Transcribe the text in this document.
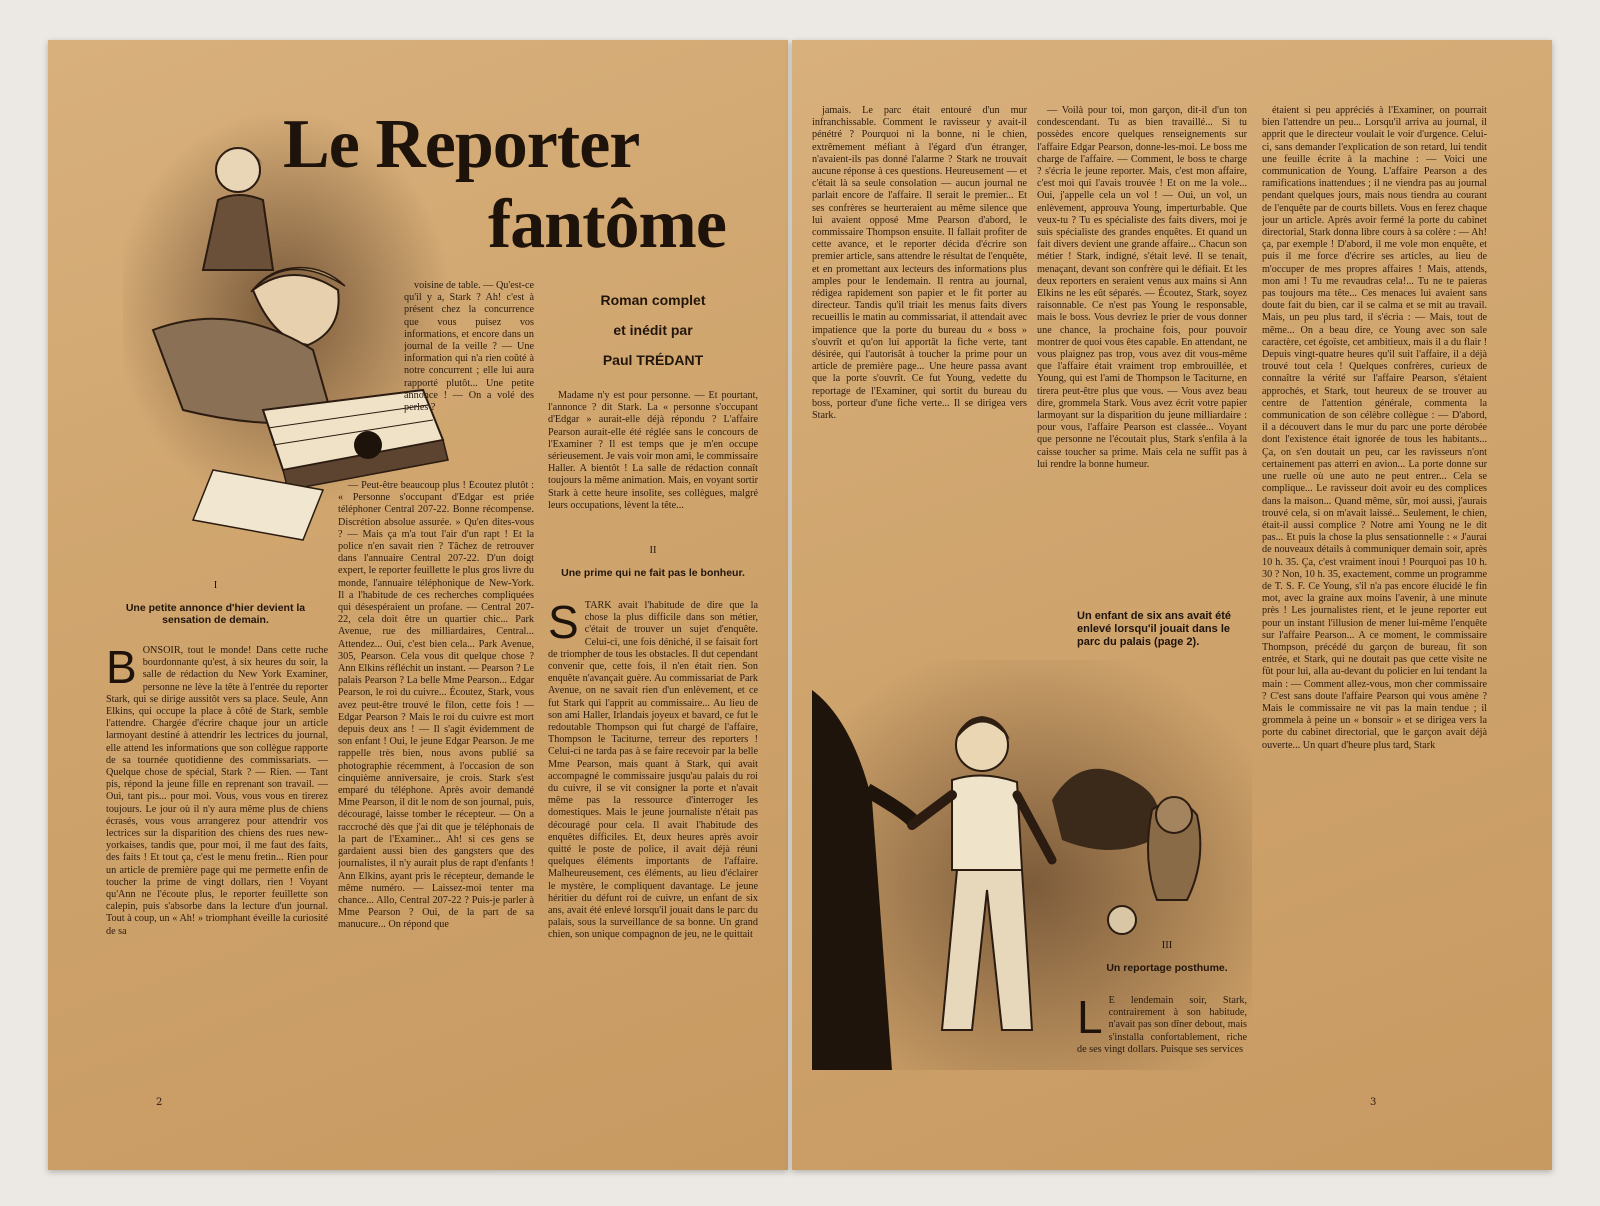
Le Reporter
fantôme
Roman complet
et inédit par
Paul TRÉDANT

voisine de table. — Qu'est-ce qu'il y a, Stark ? Ah! c'est à présent chez la concurrence que vous puisez vos informations, et encore dans un journal de la veille ? — Une information qui n'a rien coûté à notre concurrent ; elle lui aura rapporté plutôt... Une petite annonce ! — On a volé des perles ?

I
Une petite annonce d'hier devient la sensation de demain.
B ONSOIR, tout le monde! Dans cette ruche bourdonnante qu'est, à six heures du soir, la salle de rédaction du New York Examiner, personne ne lève la tête à l'entrée du reporter Stark, qui se dirige aussitôt vers sa place. Seule, Ann Elkins, qui occupe la place à côté de Stark, semble l'attendre. Chargée d'écrire chaque jour un article larmoyant destiné à attendrir les lectrices du journal, elle attend les informations que son collègue rapporte de sa tournée quotidienne des commissariats. — Quelque chose de spécial, Stark ? — Rien. — Tant pis, répond la jeune fille en reprenant son travail. — Oui, tant pis... pour moi. Vous, vous vous en tirerez toujours. Le jour où il n'y aura même plus de chiens écrasés, vous vous arrangerez pour attendrir vos lectrices sur la disparition des chiens des rues new-yorkaises, tandis que, pour moi, il me faut des faits, des faits ! Et tout ça, c'est le menu fretin... Rien pour un article de première page qui me permette enfin de toucher la prime de vingt dollars, rien ! Voyant qu'Ann ne l'écoute plus, le reporter feuillette son calepin, puis s'absorbe dans la lecture d'un journal. Tout à coup, un « Ah! » triomphant éveille la curiosité de sa

— Peut-être beaucoup plus ! Écoutez plutôt : « Personne s'occupant d'Edgar est priée téléphoner Central 207-22. Bonne récompense. Discrétion absolue assurée. » Qu'en dites-vous ? — Mais ça m'a tout l'air d'un rapt ! Et la police n'en savait rien ? Tâchez de retrouver dans l'annuaire Central 207-22. D'un doigt expert, le reporter feuillette le plus gros livre du monde, l'annuaire téléphonique de New-York. Il a l'habitude de ces recherches compliquées qui désespéraient un profane. — Central 207-22, cela doit être un quartier chic... Park Avenue, rue des milliardaires, Central... Attendez... Oui, c'est bien cela... Park Avenue, 305, Pearson. Cela vous dit quelque chose ? Ann Elkins réfléchit un instant. — Pearson ? Le palais Pearson ? La belle Mme Pearson... Edgar Pearson, le roi du cuivre... Écoutez, Stark, vous avez peut-être trouvé le filon, cette fois ! — Edgar Pearson ? Mais le roi du cuivre est mort depuis deux ans ! — Il s'agit évidemment de son enfant ! Oui, le jeune Edgar Pearson. Je me rappelle très bien, nous avons publié sa photographie récemment, à l'occasion de son cinquième anniversaire, je crois. Stark s'est emparé du téléphone. Après avoir demandé Mme Pearson, il dit le nom de son journal, puis, découragé, laisse tomber le récepteur. — On a raccroché dès que j'ai dit que je téléphonais de la part de l'Examiner... Ah! si ces gens se gardaient aussi bien des gangsters que des journalistes, il n'y aurait plus de rapt d'enfants ! Ann Elkins, ayant pris le récepteur, demande le même numéro. — Laissez-moi tenter ma chance... Allo, Central 207-22 ? Puis-je parler à Mme Pearson ? Oui, de la part de sa manucure... On répond que

Madame n'y est pour personne. — Et pourtant, l'annonce ? dit Stark. La « personne s'occupant d'Edgar » aurait-elle déjà répondu ? L'affaire Pearson aurait-elle été réglée sans le concours de l'Examiner ? Il est temps que je m'en occupe sérieusement. Je vais voir mon ami, le commissaire Haller. A bientôt ! La salle de rédaction connaît toujours la même animation. Mais, en voyant sortir Stark à cette heure insolite, ses collègues, malgré leurs occupations, lèvent la tête...

II
Une prime qui ne fait pas le bonheur.
S TARK avait l'habitude de dire que la chose la plus difficile dans son métier, c'était de trouver un sujet d'enquête. Celui-ci, une fois déniché, il se faisait fort de triompher de tous les obstacles. Il dut cependant convenir que, cette fois, il n'en était rien. Son enquête n'avançait guère. Au commissariat de Park Avenue, on ne savait rien d'un enlèvement, et ce fut Stark qui l'apprit au commissaire... Au lieu de son ami Haller, Irlandais joyeux et bavard, ce fut le redoutable Thompson qui fut chargé de l'affaire, Thompson le Taciturne, terreur des reporters ! Celui-ci ne tarda pas à se faire recevoir par la belle Mme Pearson, mais quant à Stark, qui avait accompagné le commissaire jusqu'au palais du roi du cuivre, il se vit consigner la porte et n'avait même pas la ressource d'interroger les domestiques. Mais le jeune journaliste n'était pas découragé pour cela. Il avait l'habitude des enquêtes difficiles. Et, deux heures après avoir quitté le poste de police, il avait déjà réuni quelques éléments importants de l'affaire. Malheureusement, ces éléments, au lieu d'éclairer le mystère, le compliquent davantage. Le jeune héritier du défunt roi de cuivre, un enfant de six ans, avait été enlevé lorsqu'il jouait dans le parc du palais, sous la surveillance de sa bonne. Un grand chien, son unique compagnon de jeu, ne le quittait
2

jamais. Le parc était entouré d'un mur infranchissable. Comment le ravisseur y avait-il pénétré ? Pourquoi ni la bonne, ni le chien, extrêmement méfiant à l'égard d'un étranger, n'avaient-ils pas donné l'alarme ? Stark ne trouvait aucune réponse à ces questions. Heureusement — et c'était là sa seule consolation — aucun journal ne parlait encore de l'affaire. Il serait le premier... Et ses confrères se heurteraient au même silence que lui avaient opposé Mme Pearson d'abord, le commissaire Thompson ensuite. Il fallait profiter de cette avance, et le reporter décida d'écrire son premier article, sans attendre le résultat de l'enquête, et en promettant aux lecteurs des informations plus amples pour le lendemain. Il rentra au journal, rédigea rapidement son papier et le fit porter au directeur. Tandis qu'il triait les menus faits divers recueillis le matin au commissariat, il attendait avec impatience que la porte du bureau du « boss » s'ouvrît et qu'on lui apportât la fiche verte, tant désirée, qui l'autorisât à toucher la prime pour un article de première page... Une heure passa avant que la porte s'ouvrît. Ce fut Young, vedette du reportage de l'Examiner, qui sortit du bureau du boss, porteur d'une fiche verte... Il se dirigea vers Stark.

— Voilà pour toi, mon garçon, dit-il d'un ton condescendant. Tu as bien travaillé... Si tu possèdes encore quelques renseignements sur l'affaire Edgar Pearson, donne-les-moi. Le boss me charge de l'affaire. — Comment, le boss te charge ? s'écria le jeune reporter. Mais, c'est mon affaire, c'est moi qui l'avais trouvée ! Et on me la vole... Oui, j'appelle cela un vol ! — Oui, un vol, un enlèvement, approuva Young, imperturbable. Que veux-tu ? Tu es spécialiste des faits divers, moi je suis spécialiste des grandes enquêtes. Et quand un fait divers devient une grande affaire... Chacun son métier ! Stark, indigné, s'était levé. Il se tenait, menaçant, devant son confrère qui le défiait. Et les deux reporters en seraient venus aux mains si Ann Elkins ne les eût séparés. — Écoutez, Stark, soyez raisonnable. Ce n'est pas Young le responsable, mais le boss. Vous devriez le prier de vous donner une chance, la prochaine fois, pour pouvoir montrer de quoi vous êtes capable. En attendant, ne vous plaignez pas trop, vous avez dit vous-même que l'affaire était vraiment trop embrouillée, et Young, qui est l'ami de Thompson le Taciturne, en tirera peut-être plus que vous. — Vous avez beau dire, grommela Stark. Vous avez écrit votre papier larmoyant sur la disparition du jeune milliardaire : pour vous, l'affaire Pearson est classée... Voyant que personne ne l'écoutait plus, Stark s'enfila à la caisse toucher sa prime. Mais cela ne suffit pas à lui rendre la bonne humeur.

étaient si peu appréciés à l'Examiner, on pourrait bien l'attendre un peu... Lorsqu'il arriva au journal, il apprit que le directeur voulait le voir d'urgence. Celui-ci, sans demander l'explication de son retard, lui tendit une feuille écrite à la machine : — Voici une communication de Young. L'affaire Pearson a des ramifications inattendues ; il ne viendra pas au journal pendant quelques jours, mais nous tiendra au courant de l'enquête par de courts billets. Vous en ferez chaque jour un article. Après avoir fermé la porte du cabinet directorial, Stark donna libre cours à sa colère : — Ah! ça, par exemple ! D'abord, il me vole mon enquête, et puis il me force d'écrire ses articles, au lieu de m'occuper de mes propres affaires ! Mais, attends, mon ami ! Tu me revaudras cela!... Tu ne te paieras pas toujours ma tête... Ces menaces lui avaient sans doute fait du bien, car il se calma et se mit au travail. Mais, un peu plus tard, il s'écria : — Mais, tout de même... On a beau dire, ce Young avec son sale caractère, cet égoïste, cet ambitieux, mais il a du flair ! Depuis vingt-quatre heures qu'il suit l'affaire, il a déjà trouvé tout cela ! Quelques confrères, curieux de connaître la vérité sur l'affaire Pearson, s'étaient approchés, et Stark, tout heureux de se trouver au centre de l'attention générale, commenta la communication de son célèbre collègue : — D'abord, il a découvert dans le mur du parc une porte dérobée dont l'existence était ignorée de tous les habitants... Ça, on s'en doutait un peu, car les ravisseurs n'ont certainement pas atterri en avion... La porte donne sur une ruelle où une auto ne peut entrer... Cela se complique... Le ravisseur doit avoir eu des complices dans la maison... Quand même, sûr, moi aussi, j'aurais trouvé cela, si on m'avait laissé... Seulement, le chien, était-il aussi complice ? Notre ami Young ne le dit pas... Et puis la chose la plus sensationnelle : « J'aurai de nouveaux détails à communiquer demain soir, après 10 h. 35. Ça, c'est vraiment inoui ! Pourquoi pas 10 h. 30 ? Non, 10 h. 35, exactement, comme un programme de T. S. F. Ce Young, s'il n'a pas encore élucidé le fin mot, avec la graine aux moins l'avenir, à une minute près ! Les journalistes rient, et le jeune reporter eut pour un instant l'illusion de mener lui-même l'enquête sur l'affaire Pearson... A ce moment, le commissaire Thompson, précédé du garçon de bureau, fit son entrée, et Stark, qui ne doutait pas que cette visite ne fût pour lui, alla au-devant du policier en lui tendant la main : — Comment allez-vous, mon cher commissaire ? C'est sans doute l'affaire Pearson qui vous amène ? Mais le commissaire ne vit pas la main tendue ; il grommela à peine un « bonsoir » et se dirigea vers la porte du cabinet directorial, que le garçon avait déjà ouverte... Un quart d'heure plus tard, Stark

Un enfant de six ans avait été enlevé lorsqu'il jouait dans le parc du palais (page 2).
III
Un reportage posthume.
L E lendemain soir, Stark, contrairement à son habitude, n'avait pas son dîner debout, mais s'installa confortablement, riche de ses vingt dollars. Puisque ses services
3
